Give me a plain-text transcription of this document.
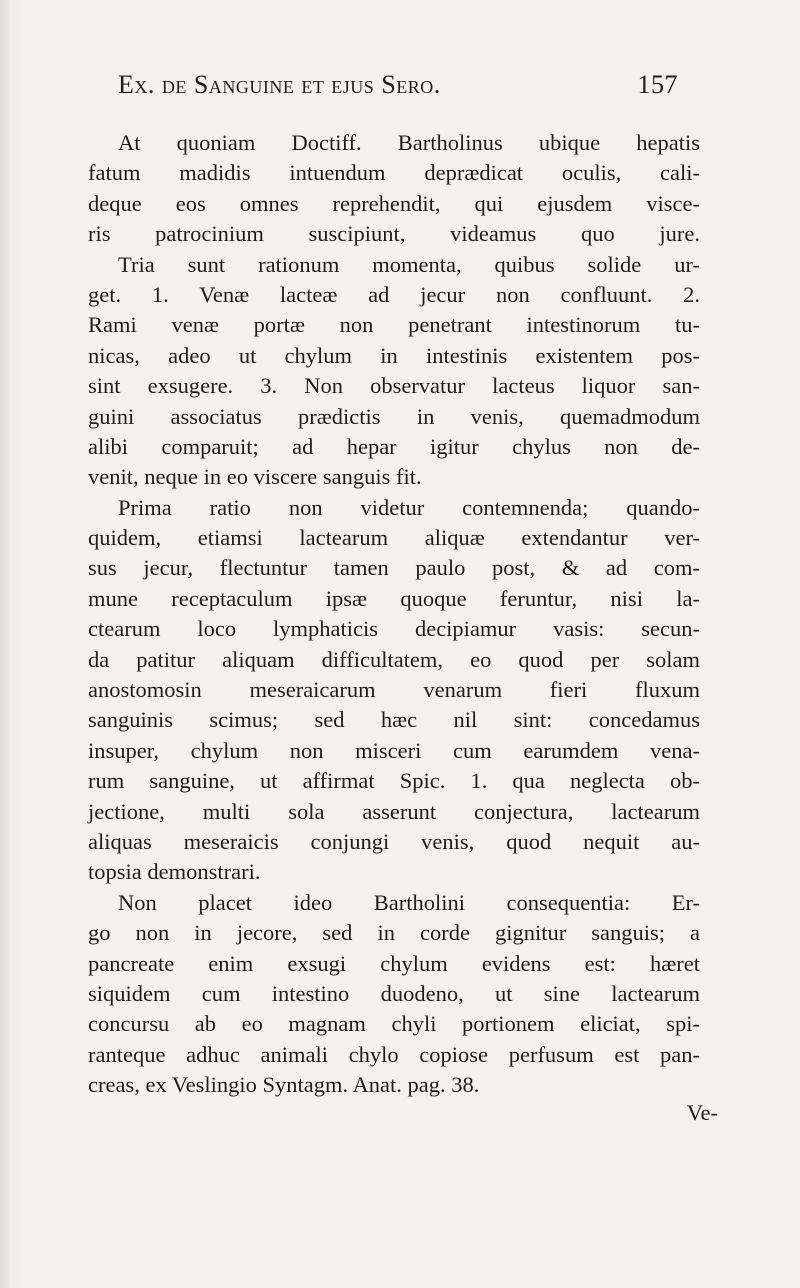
Ex. de Sanguine et ejus Sero.	157
At quoniam Doctiff. Bartholinus ubique hepatis
fatum madidis intuendum deprædicat oculis, cali-
deque eos omnes reprehendit, qui ejusdem visce-
ris patrocinium suscipiunt, videamus quo jure.
Tria sunt rationum momenta, quibus solide ur-
get. 1. Venæ lacteæ ad jecur non confluunt. 2.
Rami venæ portæ non penetrant intestinorum tu-
nicas, adeo ut chylum in intestinis existentem pos-
sint exsugere. 3. Non observatur lacteus liquor san-
guini associatus prædictis in venis, quemadmodum
alibi comparuit; ad hepar igitur chylus non de-
venit, neque in eo viscere sanguis fit.
Prima ratio non videtur contemnenda; quando-
quidem, etiamsi lactearum aliquæ extendantur ver-
sus jecur, flectuntur tamen paulo post, & ad com-
mune receptaculum ipsæ quoque feruntur, nisi la-
ctearum loco lymphaticis decipiamur vasis: secun-
da patitur aliquam difficultatem, eo quod per solam
anostomosin meseraicarum venarum fieri fluxum
sanguinis scimus; sed hæc nil sint: concedamus
insuper, chylum non misceri cum earumdem vena-
rum sanguine, ut affirmat Spic. 1. qua neglecta ob-
jectione, multi sola asserunt conjectura, lactearum
aliquas meseraicis conjungi venis, quod nequit au-
topsia demonstrari.
Non placet ideo Bartholini consequentia: Er-
go non in jecore, sed in corde gignitur sanguis; a
pancreate enim exsugi chylum evidens est: hæret
siquidem cum intestino duodeno, ut sine lactearum
concursu ab eo magnam chyli portionem eliciat, spi-
ranteque adhuc animali chylo copiose perfusum est pan-
creas, ex Veslingio Syntagm. Anat. pag. 38.
Ve-
